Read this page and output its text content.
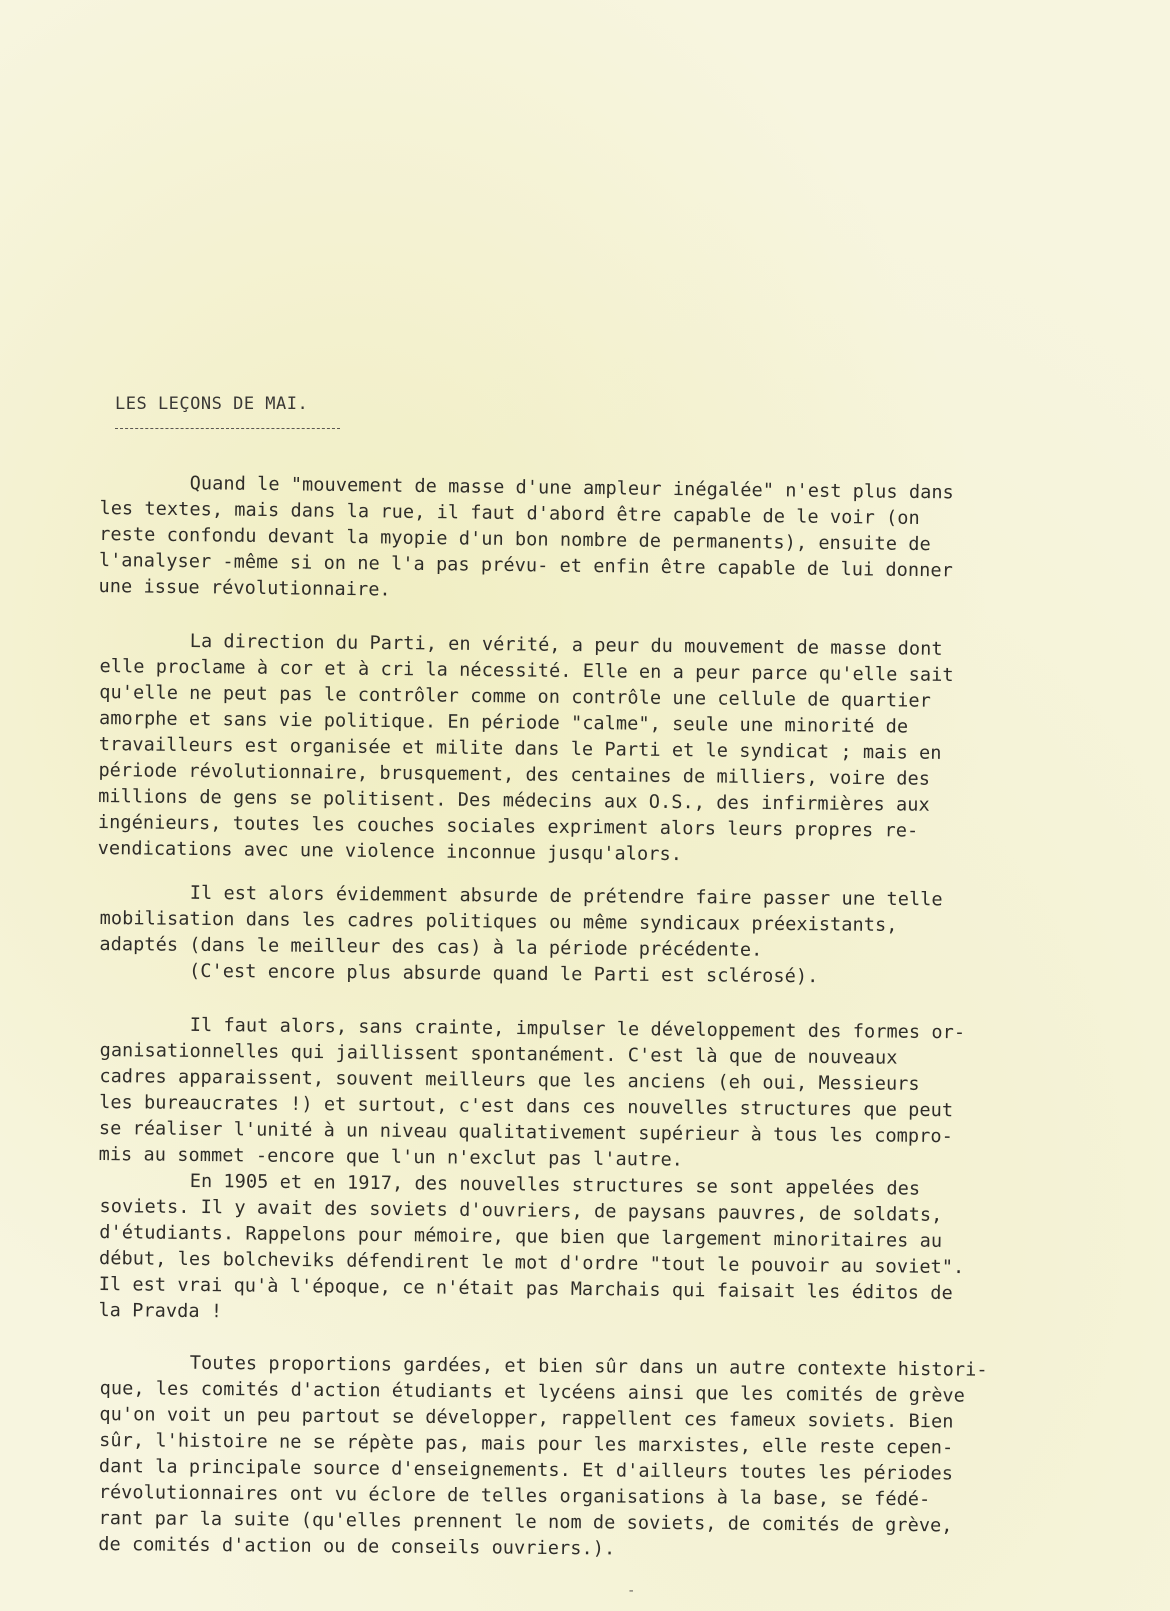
LES LEÇONS DE MAI.
Quand le "mouvement de masse d'une ampleur inégalée" n'est plus dans
les textes, mais dans la rue, il faut d'abord être capable de le voir (on
reste confondu devant la myopie d'un bon nombre de permanents), ensuite de
l'analyser -même si on ne l'a pas prévu- et enfin être capable de lui donner
une issue révolutionnaire.
La direction du Parti, en vérité, a peur du mouvement de masse dont
elle proclame à cor et à cri la nécessité. Elle en a peur parce qu'elle sait
qu'elle ne peut pas le contrôler comme on contrôle une cellule de quartier
amorphe et sans vie politique. En période "calme", seule une minorité de
travailleurs est organisée et milite dans le Parti et le syndicat ; mais en
période révolutionnaire, brusquement, des centaines de milliers, voire des
millions de gens se politisent. Des médecins aux O.S., des infirmières aux
ingénieurs, toutes les couches sociales expriment alors leurs propres re-
vendications avec une violence inconnue jusqu'alors.
Il est alors évidemment absurde de prétendre faire passer une telle
mobilisation dans les cadres politiques ou même syndicaux préexistants,
adaptés (dans le meilleur des cas) à la période précédente.
(C'est encore plus absurde quand le Parti est sclérosé).
Il faut alors, sans crainte, impulser le développement des formes or-
ganisationnelles qui jaillissent spontanément. C'est là que de nouveaux
cadres apparaissent, souvent meilleurs que les anciens (eh oui, Messieurs
les bureaucrates !) et surtout, c'est dans ces nouvelles structures que peut
se réaliser l'unité à un niveau qualitativement supérieur à tous les compro-
mis au sommet -encore que l'un n'exclut pas l'autre.
En 1905 et en 1917, des nouvelles structures se sont appelées des
soviets. Il y avait des soviets d'ouvriers, de paysans pauvres, de soldats,
d'étudiants. Rappelons pour mémoire, que bien que largement minoritaires au
début, les bolcheviks défendirent le mot d'ordre "tout le pouvoir au soviet".
Il est vrai qu'à l'époque, ce n'était pas Marchais qui faisait les éditos de
la Pravda !
Toutes proportions gardées, et bien sûr dans un autre contexte histori-
que, les comités d'action étudiants et lycéens ainsi que les comités de grève
qu'on voit un peu partout se développer, rappellent ces fameux soviets. Bien
sûr, l'histoire ne se répète pas, mais pour les marxistes, elle reste cepen-
dant la principale source d'enseignements. Et d'ailleurs toutes les périodes
révolutionnaires ont vu éclore de telles organisations à la base, se fédé-
rant par la suite (qu'elles prennent le nom de soviets, de comités de grève,
de comités d'action ou de conseils ouvriers.).
-
